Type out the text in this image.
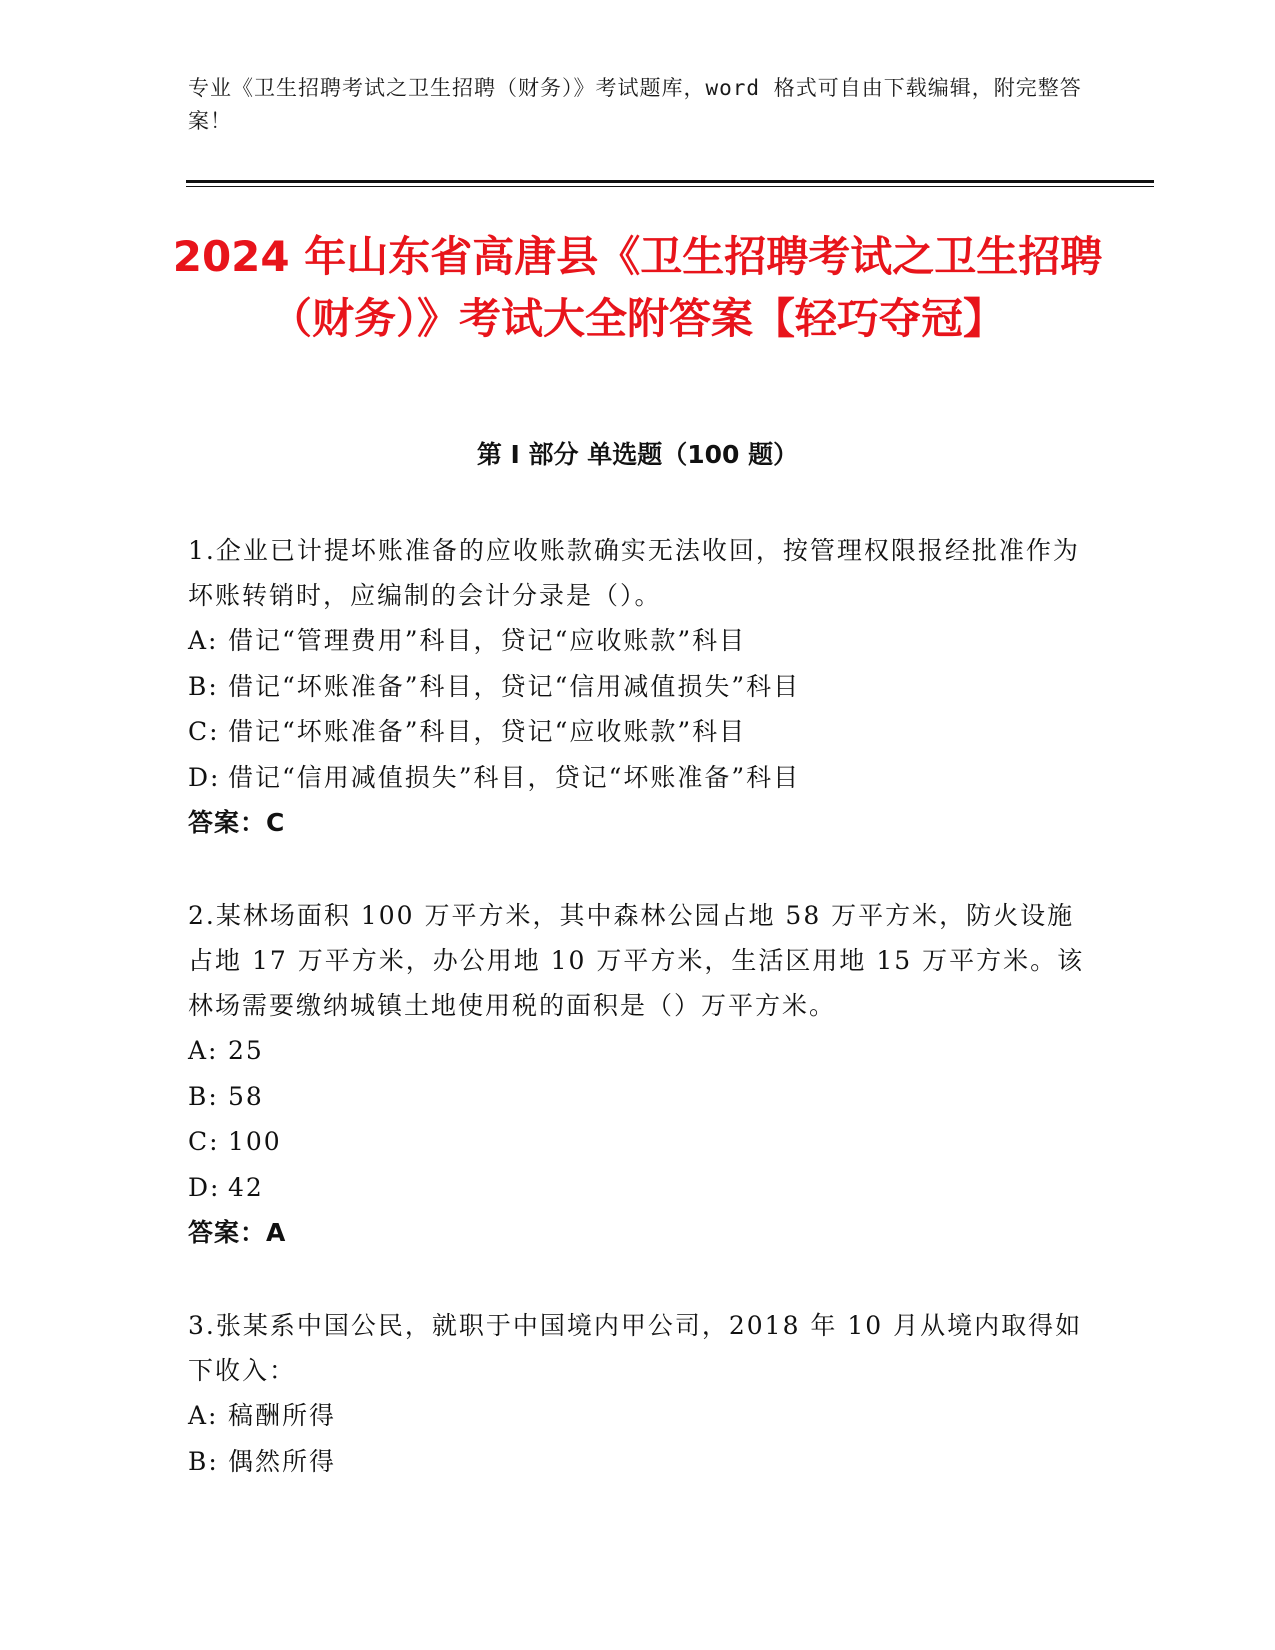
专业《卫生招聘考试之卫生招聘（财务）》考试题库，word 格式可自由下载编辑，附完整答案！
2024 年山东省高唐县《卫生招聘考试之卫生招聘（财务）》考试大全附答案【轻巧夺冠】
第 I 部分 单选题（100 题）

1.企业已计提坏账准备的应收账款确实无法收回，按管理权限报经批准作为坏账转销时，应编制的会计分录是（）。

A: 借记“管理费用”科目，贷记“应收账款”科目

B: 借记“坏账准备”科目，贷记“信用减值损失”科目

C: 借记“坏账准备”科目，贷记“应收账款”科目

D: 借记“信用减值损失”科目，贷记“坏账准备”科目

答案：C

2.某林场面积 100 万平方米，其中森林公园占地 58 万平方米，防火设施占地 17 万平方米，办公用地 10 万平方米，生活区用地 15 万平方米。该林场需要缴纳城镇土地使用税的面积是（）万平方米。

A: 25

B: 58

C: 100

D: 42

答案：A

3.张某系中国公民，就职于中国境内甲公司，2018 年 10 月从境内取得如下收入：

A: 稿酬所得

B: 偶然所得
